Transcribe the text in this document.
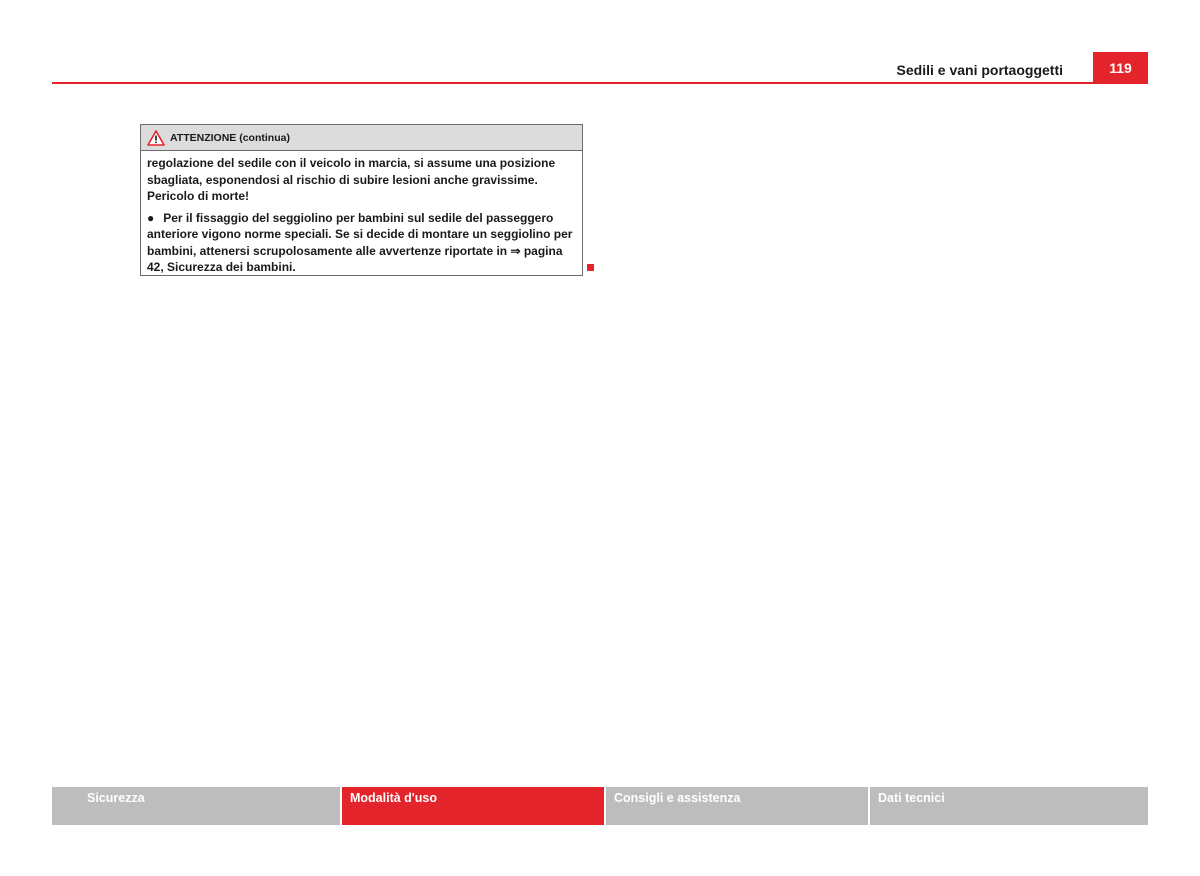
Sedili e vani portaoggetti	119
ATTENZIONE (continua)

regolazione del sedile con il veicolo in marcia, si assume una posizione sbagliata, esponendosi al rischio di subire lesioni anche gravissime. Pericolo di morte!

● Per il fissaggio del seggiolino per bambini sul sedile del passeggero anteriore vigono norme speciali. Se si decide di montare un seggiolino per bambini, attenersi scrupolosamente alle avvertenze riportate in ⇒ pagina 42, Sicurezza dei bambini.

Sicurezza	Modalità d'uso	Consigli e assistenza	Dati tecnici
